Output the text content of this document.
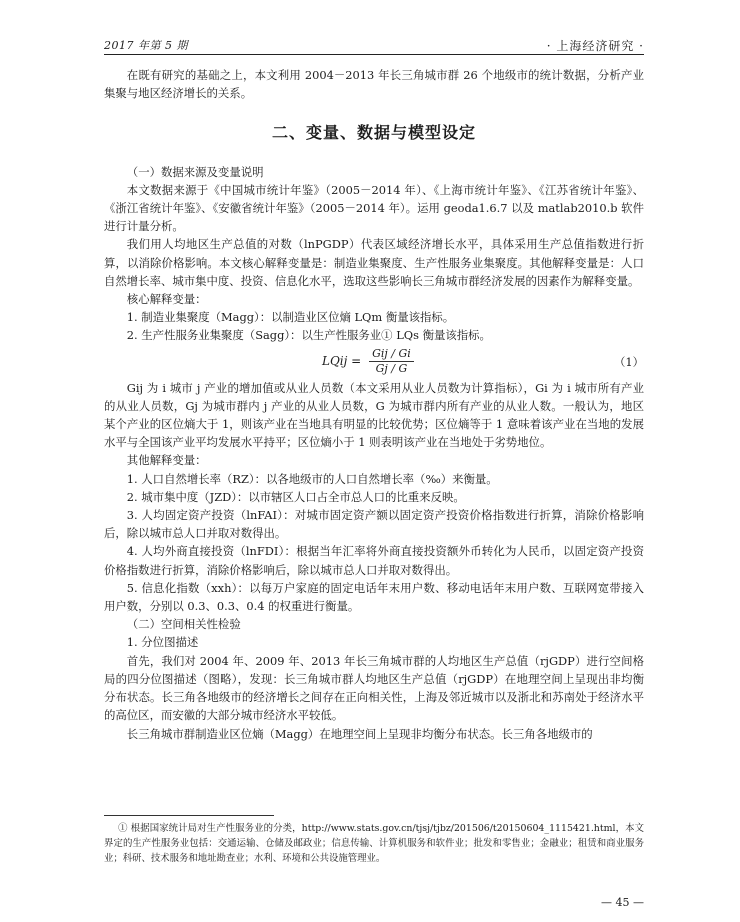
2017 年第 5 期	· 上海经济研究 ·

在既有研究的基础之上，本文利用 2004－2013 年长三角城市群 26 个地级市的统计数据，分析产业集聚与地区经济增长的关系。

二、变量、数据与模型设定

（一）数据来源及变量说明

本文数据来源于《中国城市统计年鉴》（2005－2014 年）、《上海市统计年鉴》、《江苏省统计年鉴》、《浙江省统计年鉴》、《安徽省统计年鉴》（2005－2014 年）。运用 geoda1.6.7 以及 matlab2010.b 软件进行计量分析。

我们用人均地区生产总值的对数（lnPGDP）代表区域经济增长水平，具体采用生产总值指数进行折算，以消除价格影响。本文核心解释变量是：制造业集聚度、生产性服务业集聚度。其他解释变量是：人口自然增长率、城市集中度、投资、信息化水平，选取这些影响长三角城市群经济发展的因素作为解释变量。

核心解释变量：

1. 制造业集聚度（Magg）：以制造业区位熵 LQm 衡量该指标。

2. 生产性服务业集聚度（Sagg）：以生产性服务业① LQs 衡量该指标。

LQij = $\frac{\text{Gij / Gi}}{Gj / G}$	（1）

Gij 为 i 城市 j 产业的增加值或从业人员数（本文采用从业人员数为计算指标），Gi 为 i 城市所有产业的从业人员数，Gj 为城市群内 j 产业的从业人员数，G 为城市群内所有产业的从业人数。一般认为，地区某个产业的区位熵大于 1，则该产业在当地具有明显的比较优势；区位熵等于 1 意味着该产业在当地的发展水平与全国该产业平均发展水平持平；区位熵小于 1 则表明该产业在当地处于劣势地位。

其他解释变量：

1. 人口自然增长率（RZ）：以各地级市的人口自然增长率（‰）来衡量。

2. 城市集中度（JZD）：以市辖区人口占全市总人口的比重来反映。

3. 人均固定资产投资（lnFAI）：对城市固定资产额以固定资产投资价格指数进行折算，消除价格影响后，除以城市总人口并取对数得出。

4. 人均外商直接投资（lnFDI）：根据当年汇率将外商直接投资额外币转化为人民币，以固定资产投资价格指数进行折算，消除价格影响后，除以城市总人口并取对数得出。

5. 信息化指数（xxh）：以每万户家庭的固定电话年末用户数、移动电话年末用户数、互联网宽带接入用户数，分别以 0.3、0.3、0.4 的权重进行衡量。

（二）空间相关性检验

1. 分位图描述

首先，我们对 2004 年、2009 年、2013 年长三角城市群的人均地区生产总值（rjGDP）进行空间格局的四分位图描述（图略），发现：长三角城市群人均地区生产总值（rjGDP）在地理空间上呈现出非均衡分布状态。长三角各地级市的经济增长之间存在正向相关性，上海及邻近城市以及浙北和苏南处于经济水平的高位区，而安徽的大部分城市经济水平较低。

长三角城市群制造业区位熵（Magg）在地理空间上呈现非均衡分布状态。长三角各地级市的

① 根据国家统计局对生产性服务业的分类，http://www.stats.gov.cn/tjsj/tjbz/201506/t20150604_1115421.html，本文界定的生产性服务业包括：交通运输、仓储及邮政业；信息传输、计算机服务和软件业；批发和零售业；金融业；租赁和商业服务业；科研、技术服务和地址勘查业；水利、环境和公共设施管理业。

— 45 —
